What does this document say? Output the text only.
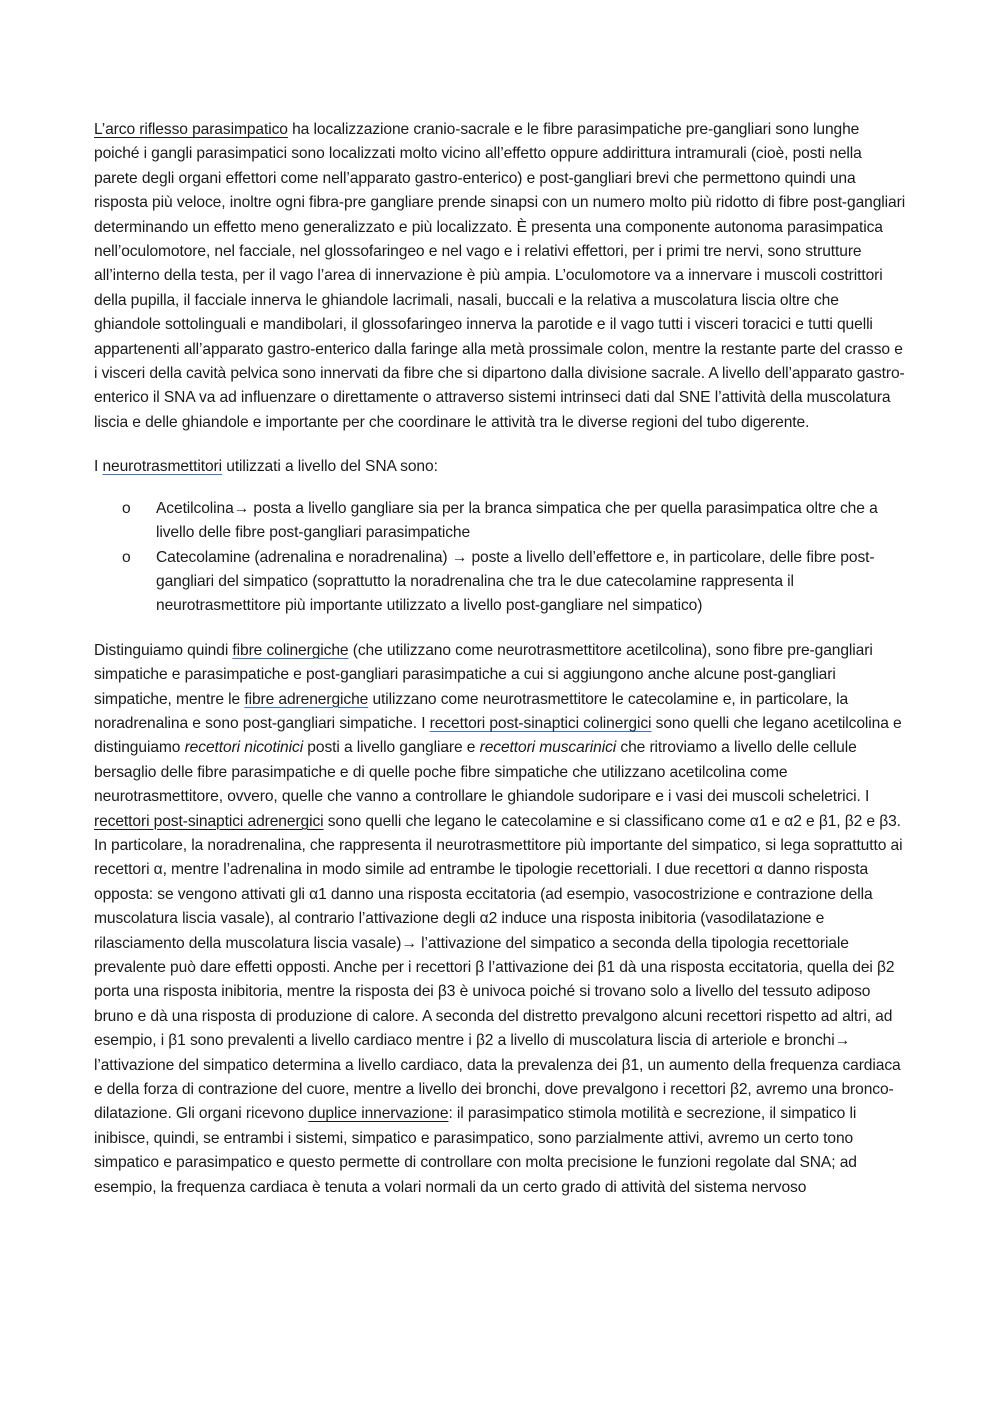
L’arco riflesso parasimpatico ha localizzazione cranio-sacrale e le fibre parasimpatiche pre-gangliari sono lunghe poiché i gangli parasimpatici sono localizzati molto vicino all’effetto oppure addirittura intramurali (cioè, posti nella parete degli organi effettori come nell’apparato gastro-enterico) e post-gangliari brevi che permettono quindi una risposta più veloce, inoltre ogni fibra-pre gangliare prende sinapsi con un numero molto più ridotto di fibre post-gangliari determinando un effetto meno generalizzato e più localizzato. È presenta una componente autonoma parasimpatica nell’oculomotore, nel facciale, nel glossofaringeo e nel vago e i relativi effettori, per i primi tre nervi, sono strutture all’interno della testa, per il vago l’area di innervazione è più ampia. L’oculomotore va a innervare i muscoli costrittori della pupilla, il facciale innerva le ghiandole lacrimali, nasali, buccali e la relativa a muscolatura liscia oltre che ghiandole sottolinguali e mandibolari, il glossofaringeo innerva la parotide e il vago tutti i visceri toracici e tutti quelli appartenenti all’apparato gastro-enterico dalla faringe alla metà prossimale colon, mentre la restante parte del crasso e i visceri della cavità pelvica sono innervati da fibre che si dipartono dalla divisione sacrale. A livello dell’apparato gastro-enterico il SNA va ad influenzare o direttamente o attraverso sistemi intrinseci dati dal SNE l’attività della muscolatura liscia e delle ghiandole e importante per che coordinare le attività tra le diverse regioni del tubo digerente.

I neurotrasmettitori utilizzati a livello del SNA sono:

o Acetilcolina→ posta a livello gangliare sia per la branca simpatica che per quella parasimpatica oltre che a livello delle fibre post-gangliari parasimpatiche
o Catecolamine (adrenalina e noradrenalina) → poste a livello dell’effettore e, in particolare, delle fibre post-gangliari del simpatico (soprattutto la noradrenalina che tra le due catecolamine rappresenta il neurotrasmettitore più importante utilizzato a livello post-gangliare nel simpatico)

Distinguiamo quindi fibre colinergiche (che utilizzano come neurotrasmettitore acetilcolina), sono fibre pre-gangliari simpatiche e parasimpatiche e post-gangliari parasimpatiche a cui si aggiungono anche alcune post-gangliari simpatiche, mentre le fibre adrenergiche utilizzano come neurotrasmettitore le catecolamine e, in particolare, la noradrenalina e sono post-gangliari simpatiche. I recettori post-sinaptici colinergici sono quelli che legano acetilcolina e distinguiamo recettori nicotinici posti a livello gangliare e recettori muscarinici che ritroviamo a livello delle cellule bersaglio delle fibre parasimpatiche e di quelle poche fibre simpatiche che utilizzano acetilcolina come neurotrasmettitore, ovvero, quelle che vanno a controllare le ghiandole sudoripare e i vasi dei muscoli scheletrici. I recettori post-sinaptici adrenergici sono quelli che legano le catecolamine e si classificano come α1 e α2 e β1, β2 e β3. In particolare, la noradrenalina, che rappresenta il neurotrasmettitore più importante del simpatico, si lega soprattutto ai recettori α, mentre l’adrenalina in modo simile ad entrambe le tipologie recettoriali. I due recettori α danno risposta opposta: se vengono attivati gli α1 danno una risposta eccitatoria (ad esempio, vasocostrizione e contrazione della muscolatura liscia vasale), al contrario l’attivazione degli α2 induce una risposta inibitoria (vasodilatazione e rilasciamento della muscolatura liscia vasale)→ l’attivazione del simpatico a seconda della tipologia recettoriale prevalente può dare effetti opposti. Anche per i recettori β l’attivazione dei β1 dà una risposta eccitatoria, quella dei β2 porta una risposta inibitoria, mentre la risposta dei β3 è univoca poiché si trovano solo a livello del tessuto adiposo bruno e dà una risposta di produzione di calore. A seconda del distretto prevalgono alcuni recettori rispetto ad altri, ad esempio, i β1 sono prevalenti a livello cardiaco mentre i β2 a livello di muscolatura liscia di arteriole e bronchi→ l’attivazione del simpatico determina a livello cardiaco, data la prevalenza dei β1, un aumento della frequenza cardiaca e della forza di contrazione del cuore, mentre a livello dei bronchi, dove prevalgono i recettori β2, avremo una bronco-dilatazione. Gli organi ricevono duplice innervazione: il parasimpatico stimola motilità e secrezione, il simpatico li inibisce, quindi, se entrambi i sistemi, simpatico e parasimpatico, sono parzialmente attivi, avremo un certo tono simpatico e parasimpatico e questo permette di controllare con molta precisione le funzioni regolate dal SNA; ad esempio, la frequenza cardiaca è tenuta a volari normali da un certo grado di attività del sistema nervoso
